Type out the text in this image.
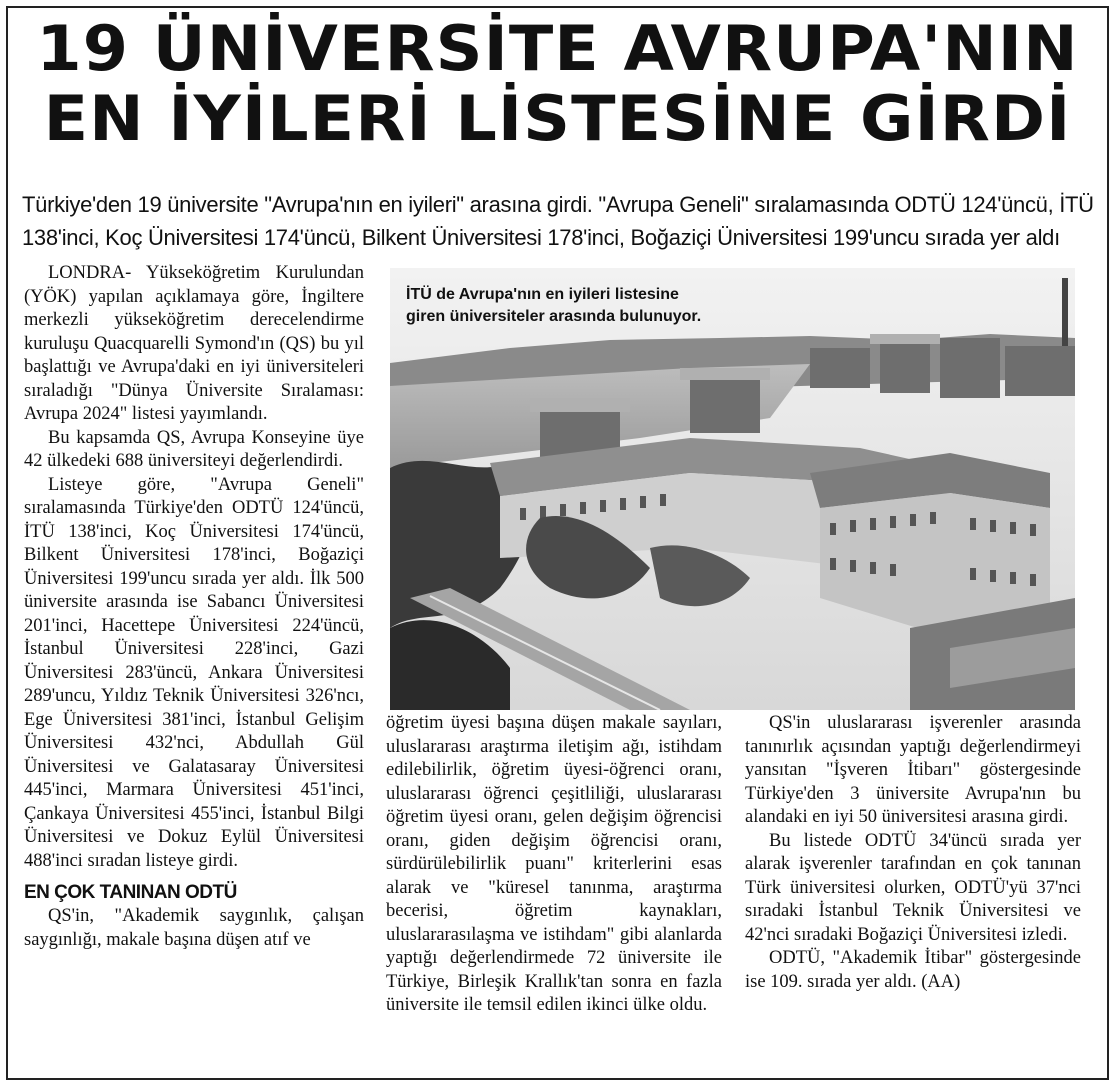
19 ÜNİVERSİTE AVRUPA'NIN
EN İYİLERİ LİSTESİNE GİRDİ
Türkiye'den 19 üniversite "Avrupa'nın en iyileri" arasına girdi. "Avrupa Geneli" sıralamasında ODTÜ 124'üncü, İTÜ 138'inci, Koç Üniversitesi 174'üncü, Bilkent Üniversitesi 178'inci, Boğaziçi Üniversitesi 199'uncu sırada yer aldı

LONDRA- Yükseköğretim Kurulundan (YÖK) yapılan açıklamaya göre, İngiltere merkezli yükseköğretim derecelendirme kuruluşu Quacquarelli Symond'ın (QS) bu yıl başlattığı ve Avrupa'daki en iyi üniversiteleri sıraladığı "Dünya Üniversite Sıralaması: Avrupa 2024" listesi yayımlandı.

Bu kapsamda QS, Avrupa Konseyine üye 42 ülkedeki 688 üniversiteyi değerlendirdi.

Listeye göre, "Avrupa Geneli" sıralamasında Türkiye'den ODTÜ 124'üncü, İTÜ 138'inci, Koç Üniversitesi 174'üncü, Bilkent Üniversitesi 178'inci, Boğaziçi Üniversitesi 199'uncu sırada yer aldı. İlk 500 üniversite arasında ise Sabancı Üniversitesi 201'inci, Hacettepe Üniversitesi 224'üncü, İstanbul Üniversitesi 228'inci, Gazi Üniversitesi 283'üncü, Ankara Üniversitesi 289'uncu, Yıldız Teknik Üniversitesi 326'ncı, Ege Üniversitesi 381'inci, İstanbul Gelişim Üniversitesi 432'nci, Abdullah Gül Üniversitesi ve Galatasaray Üniversitesi 445'inci, Marmara Üniversitesi 451'inci, Çankaya Üniversitesi 455'inci, İstanbul Bilgi Üniversitesi ve Dokuz Eylül Üniversitesi 488'inci sıradan listeye girdi.

EN ÇOK TANINAN ODTÜ

QS'in, "Akademik saygınlık, çalışan saygınlığı, makale başına düşen atıf ve

İTÜ de Avrupa'nın en iyileri listesine
giren üniversiteler arasında bulunuyor.

öğretim üyesi başına düşen makale sayıları, uluslararası araştırma iletişim ağı, istihdam edilebilirlik, öğretim üyesi-öğrenci oranı, uluslararası öğrenci çeşitliliği, uluslararası öğretim üyesi oranı, gelen değişim öğrencisi oranı, giden değişim öğrencisi oranı, sürdürülebilirlik puanı" kriterlerini esas alarak ve "küresel tanınma, araştırma becerisi, öğretim kaynakları, uluslararasılaşma ve istihdam" gibi alanlarda yaptığı değerlendirmede 72 üniversite ile Türkiye, Birleşik Krallık'tan sonra en fazla üniversite ile temsil edilen ikinci ülke oldu.

QS'in uluslararası işverenler arasında tanınırlık açısından yaptığı değerlendirmeyi yansıtan "İşveren İtibarı" göstergesinde Türkiye'den 3 üniversite Avrupa'nın bu alandaki en iyi 50 üniversitesi arasına girdi.

Bu listede ODTÜ 34'üncü sırada yer alarak işverenler tarafından en çok tanınan Türk üniversitesi olurken, ODTÜ'yü 37'nci sıradaki İstanbul Teknik Üniversitesi ve 42'nci sıradaki Boğaziçi Üniversitesi izledi.

ODTÜ, "Akademik İtibar" göstergesinde ise 109. sırada yer aldı. (AA)
